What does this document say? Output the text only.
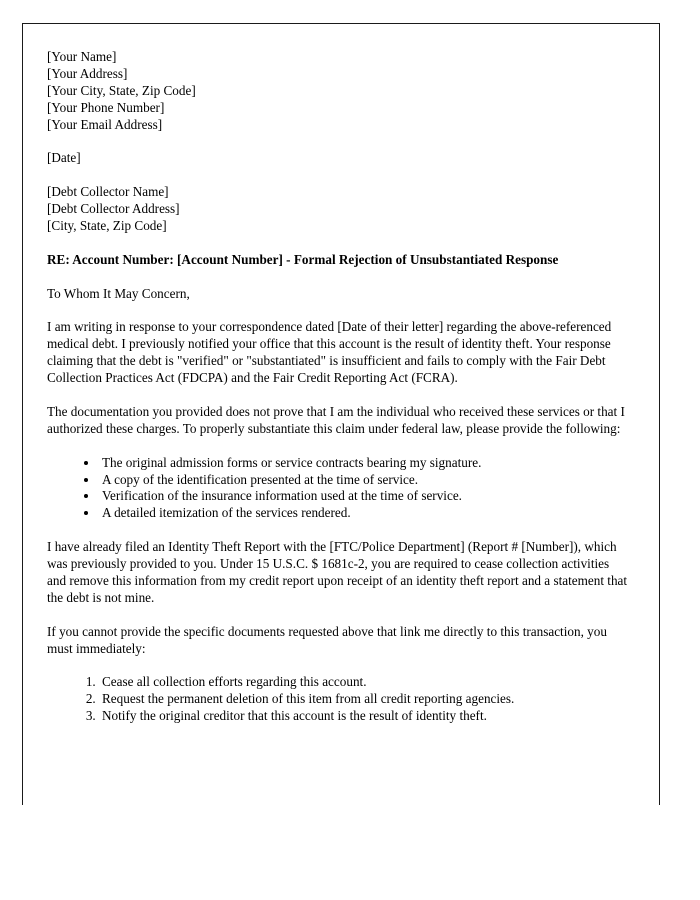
[Your Name]
[Your Address]
[Your City, State, Zip Code]
[Your Phone Number]
[Your Email Address]
[Date]
[Debt Collector Name]
[Debt Collector Address]
[City, State, Zip Code]

RE: Account Number: [Account Number] - Formal Rejection of Unsubstantiated Response

To Whom It May Concern,

I am writing in response to your correspondence dated [Date of their letter] regarding the above-referenced medical debt. I previously notified your office that this account is the result of identity theft. Your response claiming that the debt is "verified" or "substantiated" is insufficient and fails to comply with the Fair Debt Collection Practices Act (FDCPA) and the Fair Credit Reporting Act (FCRA).

The documentation you provided does not prove that I am the individual who received these services or that I authorized these charges. To properly substantiate this claim under federal law, please provide the following:

• The original admission forms or service contracts bearing my signature.
• A copy of the identification presented at the time of service.
• Verification of the insurance information used at the time of service.
• A detailed itemization of the services rendered.

I have already filed an Identity Theft Report with the [FTC/Police Department] (Report # [Number]), which was previously provided to you. Under 15 U.S.C. $ 1681c-2, you are required to cease collection activities and remove this information from my credit report upon receipt of an identity theft report and a statement that the debt is not mine.

If you cannot provide the specific documents requested above that link me directly to this transaction, you must immediately:

1. Cease all collection efforts regarding this account.
2. Request the permanent deletion of this item from all credit reporting agencies.
3. Notify the original creditor that this account is the result of identity theft.
